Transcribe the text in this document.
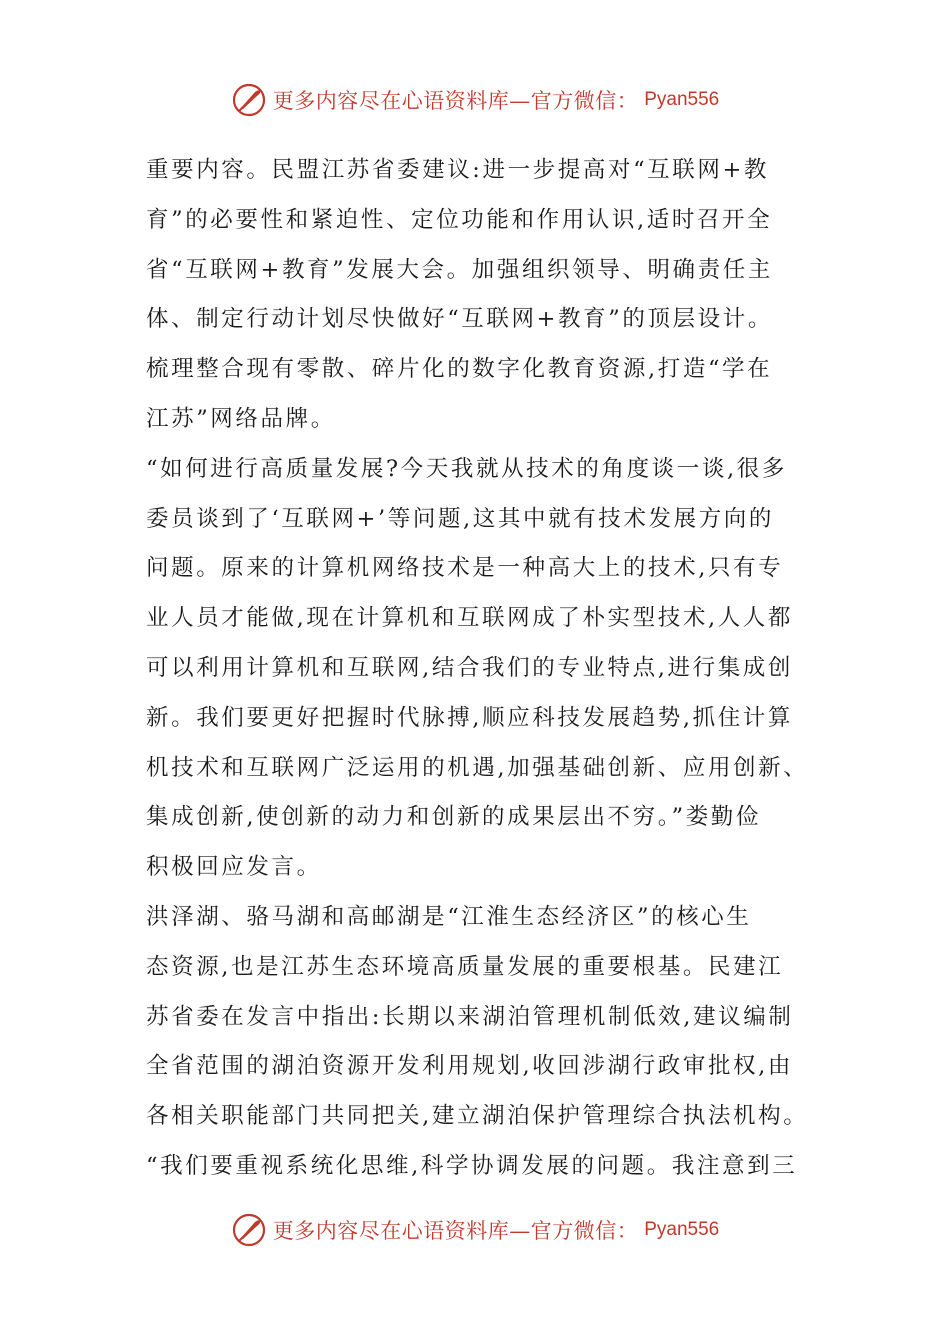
更多内容尽在心语资料库—官方微信： Pyan556
重要内容。民盟江苏省委建议:进一步提高对“互联网+教
育”的必要性和紧迫性、定位功能和作用认识,适时召开全
省“互联网+教育”发展大会。加强组织领导、明确责任主
体、制定行动计划尽快做好“互联网+教育”的顶层设计。
梳理整合现有零散、碎片化的数字化教育资源,打造“学在
江苏”网络品牌。
“如何进行高质量发展?今天我就从技术的角度谈一谈,很多
委员谈到了‘互联网+’等问题,这其中就有技术发展方向的
问题。原来的计算机网络技术是一种高大上的技术,只有专
业人员才能做,现在计算机和互联网成了朴实型技术,人人都
可以利用计算机和互联网,结合我们的专业特点,进行集成创
新。我们要更好把握时代脉搏,顺应科技发展趋势,抓住计算
机技术和互联网广泛运用的机遇,加强基础创新、应用创新、
集成创新,使创新的动力和创新的成果层出不穷。”娄勤俭
积极回应发言。
洪泽湖、骆马湖和高邮湖是“江淮生态经济区”的核心生
态资源,也是江苏生态环境高质量发展的重要根基。民建江
苏省委在发言中指出:长期以来湖泊管理机制低效,建议编制
全省范围的湖泊资源开发利用规划,收回涉湖行政审批权,由
各相关职能部门共同把关,建立湖泊保护管理综合执法机构。
“我们要重视系统化思维,科学协调发展的问题。我注意到三
更多内容尽在心语资料库—官方微信： Pyan556
